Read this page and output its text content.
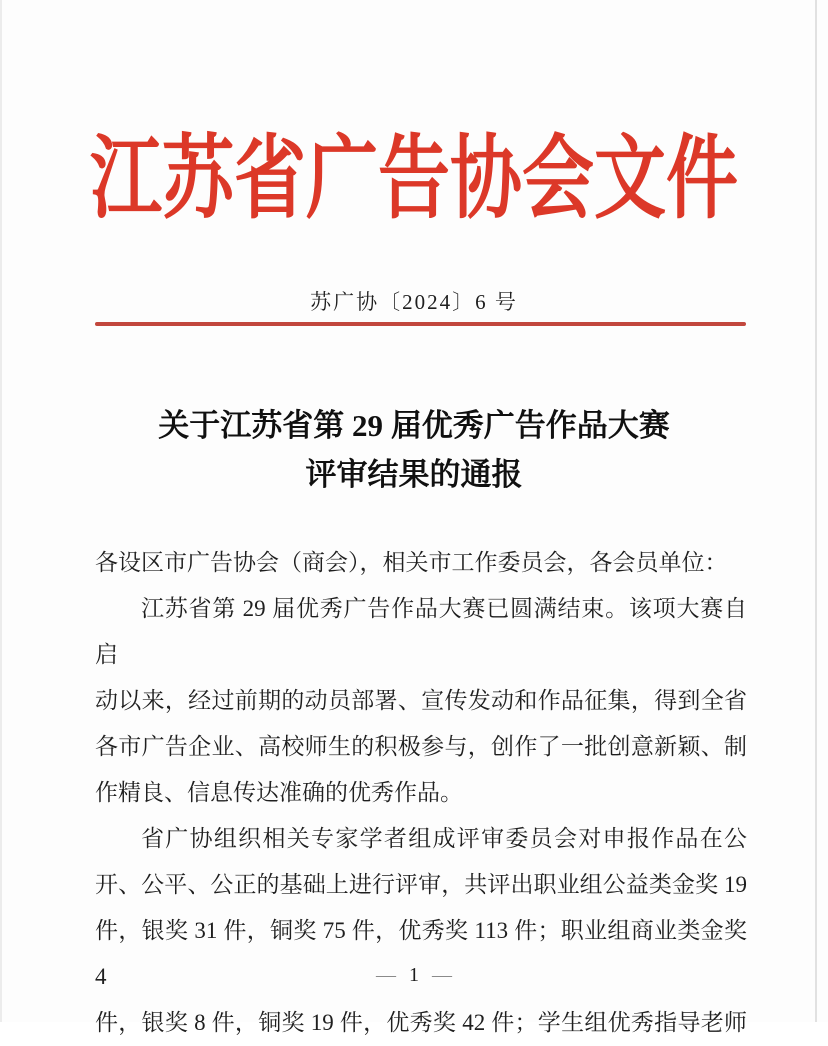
江苏省广告协会文件
苏广协〔2024〕6 号
关于江苏省第 29 届优秀广告作品大赛
评审结果的通报
各设区市广告协会（商会），相关市工作委员会，各会员单位：
江苏省第 29 届优秀广告作品大赛已圆满结束。该项大赛自启
动以来，经过前期的动员部署、宣传发动和作品征集，得到全省
各市广告企业、高校师生的积极参与，创作了一批创意新颖、制
作精良、信息传达准确的优秀作品。
省广协组织相关专家学者组成评审委员会对申报作品在公
开、公平、公正的基础上进行评审，共评出职业组公益类金奖 19
件，银奖 31 件，铜奖 75 件，优秀奖 113 件；职业组商业类金奖 4
件，银奖 8 件，铜奖 19 件，优秀奖 42 件；学生组优秀指导老师
— 1 —
